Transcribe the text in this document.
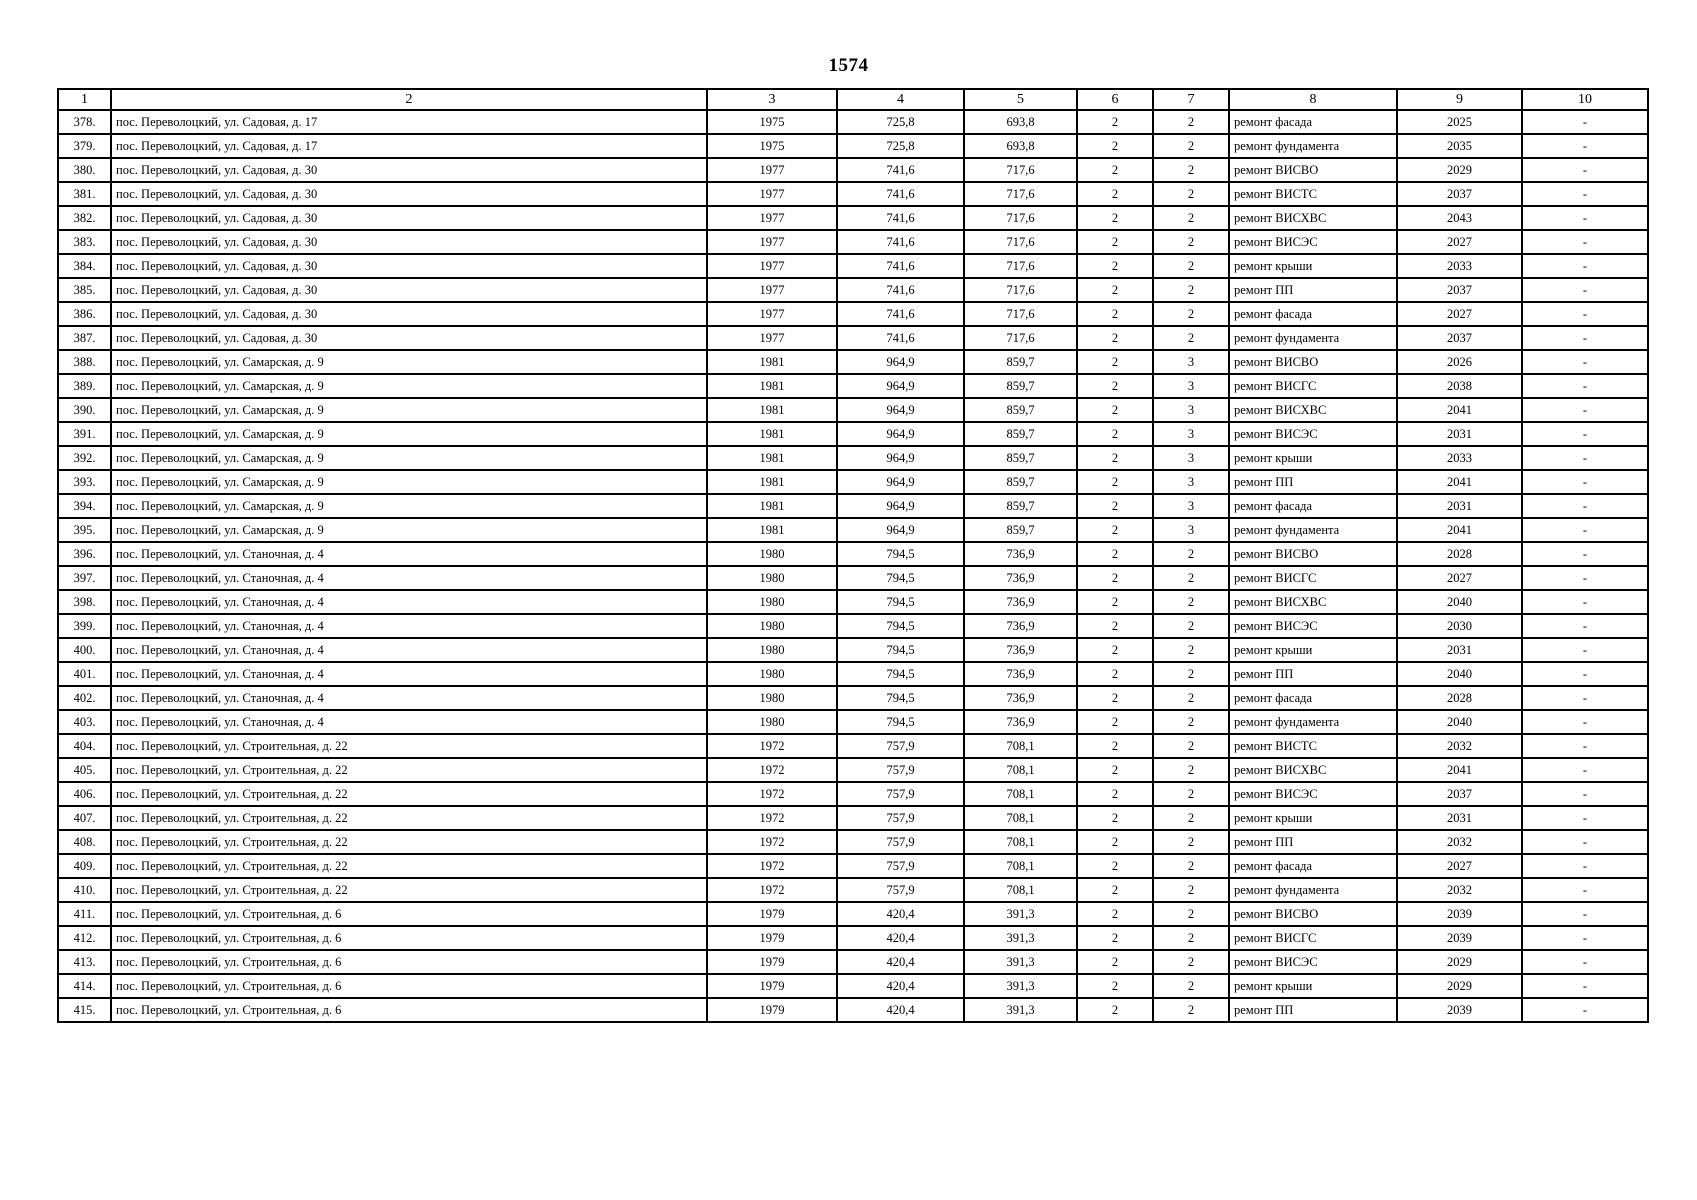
1574
1	2	3	4	5	6	7	8	9	10
378.	пос. Переволоцкий, ул. Садовая, д. 17	1975	725,8	693,8	2	2	ремонт фасада	2025	-
379.	пос. Переволоцкий, ул. Садовая, д. 17	1975	725,8	693,8	2	2	ремонт фундамента	2035	-
380.	пос. Переволоцкий, ул. Садовая, д. 30	1977	741,6	717,6	2	2	ремонт ВИСВО	2029	-
381.	пос. Переволоцкий, ул. Садовая, д. 30	1977	741,6	717,6	2	2	ремонт ВИСТС	2037	-
382.	пос. Переволоцкий, ул. Садовая, д. 30	1977	741,6	717,6	2	2	ремонт ВИСХВС	2043	-
383.	пос. Переволоцкий, ул. Садовая, д. 30	1977	741,6	717,6	2	2	ремонт ВИСЭС	2027	-
384.	пос. Переволоцкий, ул. Садовая, д. 30	1977	741,6	717,6	2	2	ремонт крыши	2033	-
385.	пос. Переволоцкий, ул. Садовая, д. 30	1977	741,6	717,6	2	2	ремонт ПП	2037	-
386.	пос. Переволоцкий, ул. Садовая, д. 30	1977	741,6	717,6	2	2	ремонт фасада	2027	-
387.	пос. Переволоцкий, ул. Садовая, д. 30	1977	741,6	717,6	2	2	ремонт фундамента	2037	-
388.	пос. Переволоцкий, ул. Самарская, д. 9	1981	964,9	859,7	2	3	ремонт ВИСВО	2026	-
389.	пос. Переволоцкий, ул. Самарская, д. 9	1981	964,9	859,7	2	3	ремонт ВИСГС	2038	-
390.	пос. Переволоцкий, ул. Самарская, д. 9	1981	964,9	859,7	2	3	ремонт ВИСХВС	2041	-
391.	пос. Переволоцкий, ул. Самарская, д. 9	1981	964,9	859,7	2	3	ремонт ВИСЭС	2031	-
392.	пос. Переволоцкий, ул. Самарская, д. 9	1981	964,9	859,7	2	3	ремонт крыши	2033	-
393.	пос. Переволоцкий, ул. Самарская, д. 9	1981	964,9	859,7	2	3	ремонт ПП	2041	-
394.	пос. Переволоцкий, ул. Самарская, д. 9	1981	964,9	859,7	2	3	ремонт фасада	2031	-
395.	пос. Переволоцкий, ул. Самарская, д. 9	1981	964,9	859,7	2	3	ремонт фундамента	2041	-
396.	пос. Переволоцкий, ул. Станочная, д. 4	1980	794,5	736,9	2	2	ремонт ВИСВО	2028	-
397.	пос. Переволоцкий, ул. Станочная, д. 4	1980	794,5	736,9	2	2	ремонт ВИСГС	2027	-
398.	пос. Переволоцкий, ул. Станочная, д. 4	1980	794,5	736,9	2	2	ремонт ВИСХВС	2040	-
399.	пос. Переволоцкий, ул. Станочная, д. 4	1980	794,5	736,9	2	2	ремонт ВИСЭС	2030	-
400.	пос. Переволоцкий, ул. Станочная, д. 4	1980	794,5	736,9	2	2	ремонт крыши	2031	-
401.	пос. Переволоцкий, ул. Станочная, д. 4	1980	794,5	736,9	2	2	ремонт ПП	2040	-
402.	пос. Переволоцкий, ул. Станочная, д. 4	1980	794,5	736,9	2	2	ремонт фасада	2028	-
403.	пос. Переволоцкий, ул. Станочная, д. 4	1980	794,5	736,9	2	2	ремонт фундамента	2040	-
404.	пос. Переволоцкий, ул. Строительная, д. 22	1972	757,9	708,1	2	2	ремонт ВИСТС	2032	-
405.	пос. Переволоцкий, ул. Строительная, д. 22	1972	757,9	708,1	2	2	ремонт ВИСХВС	2041	-
406.	пос. Переволоцкий, ул. Строительная, д. 22	1972	757,9	708,1	2	2	ремонт ВИСЭС	2037	-
407.	пос. Переволоцкий, ул. Строительная, д. 22	1972	757,9	708,1	2	2	ремонт крыши	2031	-
408.	пос. Переволоцкий, ул. Строительная, д. 22	1972	757,9	708,1	2	2	ремонт ПП	2032	-
409.	пос. Переволоцкий, ул. Строительная, д. 22	1972	757,9	708,1	2	2	ремонт фасада	2027	-
410.	пос. Переволоцкий, ул. Строительная, д. 22	1972	757,9	708,1	2	2	ремонт фундамента	2032	-
411.	пос. Переволоцкий, ул. Строительная, д. 6	1979	420,4	391,3	2	2	ремонт ВИСВО	2039	-
412.	пос. Переволоцкий, ул. Строительная, д. 6	1979	420,4	391,3	2	2	ремонт ВИСГС	2039	-
413.	пос. Переволоцкий, ул. Строительная, д. 6	1979	420,4	391,3	2	2	ремонт ВИСЭС	2029	-
414.	пос. Переволоцкий, ул. Строительная, д. 6	1979	420,4	391,3	2	2	ремонт крыши	2029	-
415.	пос. Переволоцкий, ул. Строительная, д. 6	1979	420,4	391,3	2	2	ремонт ПП	2039	-
